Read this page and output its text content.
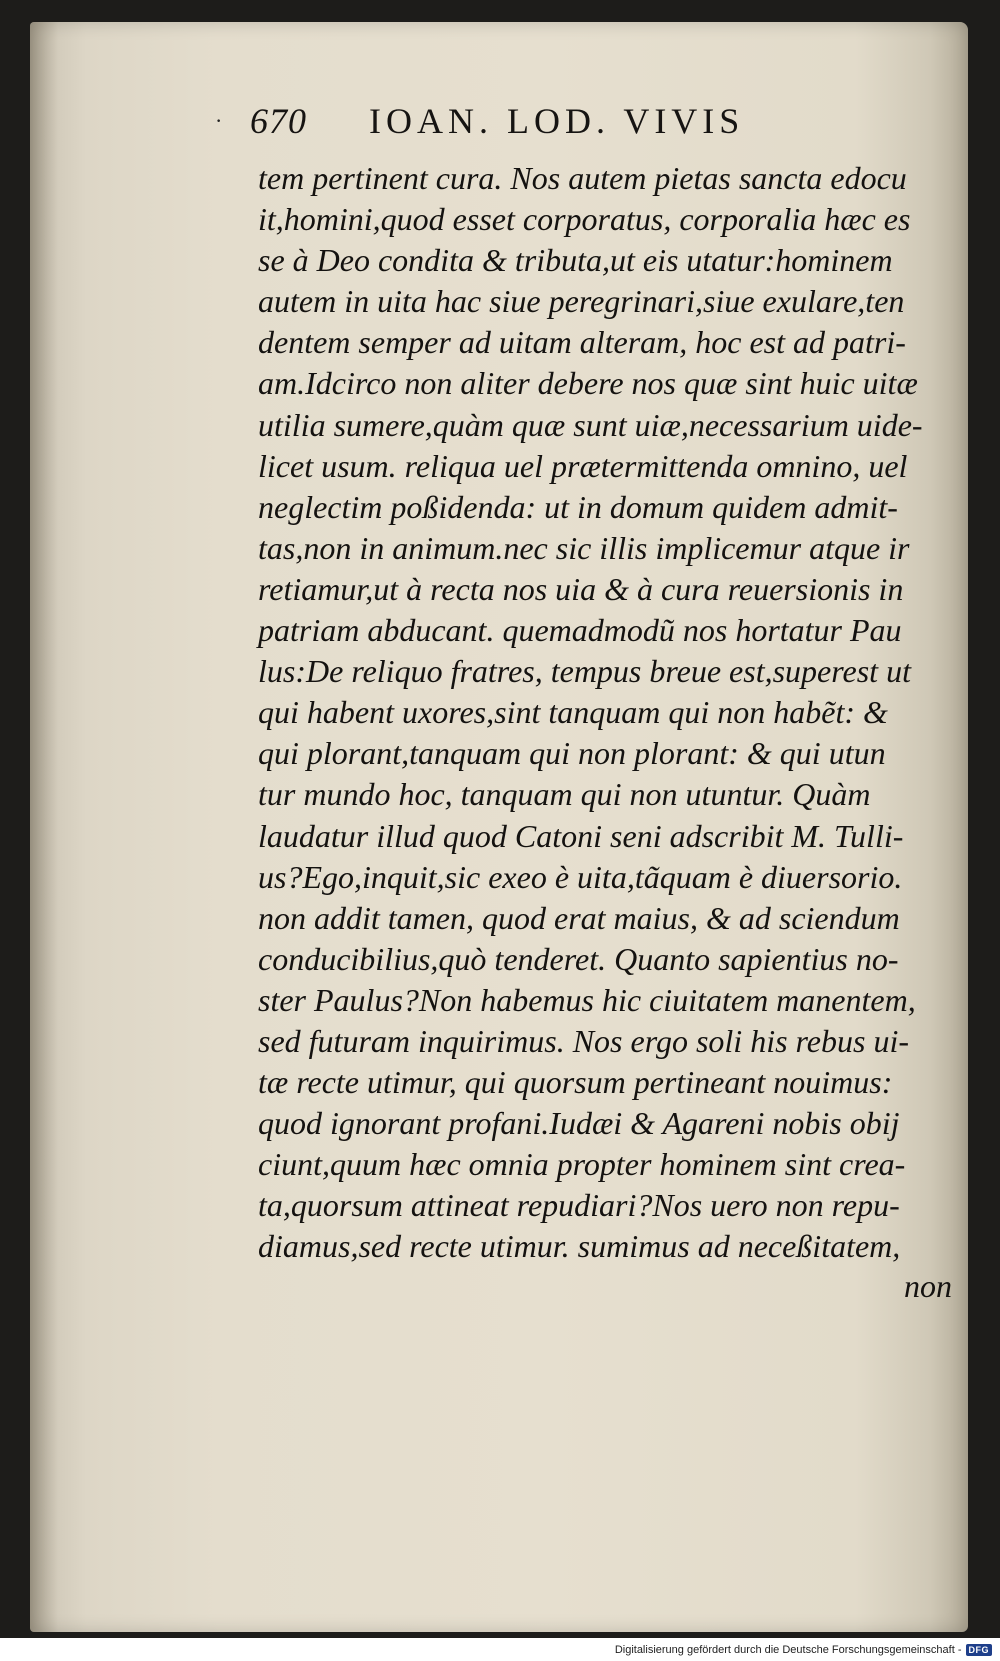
· 670 IOAN. LOD. VIVIS
tem pertinent cura. Nos autem pietas sancta edocu
it,homini,quod esset corporatus, corporalia hæc es
se à Deo condita & tributa,ut eis utatur:hominem
autem in uita hac siue peregrinari,siue exulare,ten
dentem semper ad uitam alteram, hoc est ad patri-
am.Idcirco non aliter debere nos quæ sint huic uitæ
utilia sumere,quàm quæ sunt uiæ,necessarium uide-
licet usum. reliqua uel prætermittenda omnino, uel
neglectim poßidenda: ut in domum quidem admit-
tas,non in animum.nec sic illis implicemur atque ir
retiamur,ut à recta nos uia & à cura reuersionis in
patriam abducant. quemadmodũ nos hortatur Pau
lus:De reliquo fratres, tempus breue est,superest ut
qui habent uxores,sint tanquam qui non habẽt: &
qui plorant,tanquam qui non plorant: & qui utun
tur mundo hoc, tanquam qui non utuntur. Quàm
laudatur illud quod Catoni seni adscribit M. Tulli-
us?Ego,inquit,sic exeo è uita,tãquam è diuersorio.
non addit tamen, quod erat maius, & ad sciendum
conducibilius,quò tenderet. Quanto sapientius no-
ster Paulus?Non habemus hic ciuitatem manentem,
sed futuram inquirimus. Nos ergo soli his rebus ui-
tæ recte utimur, qui quorsum pertineant nouimus:
quod ignorant profani.Iudæi & Agareni nobis obij
ciunt,quum hæc omnia propter hominem sint crea-
ta,quorsum attineat repudiari?Nos uero non repu-
diamus,sed recte utimur. sumimus ad neceßitatem,
non
Digitalisierung gefördert durch die Deutsche Forschungsgemeinschaft - DFG
